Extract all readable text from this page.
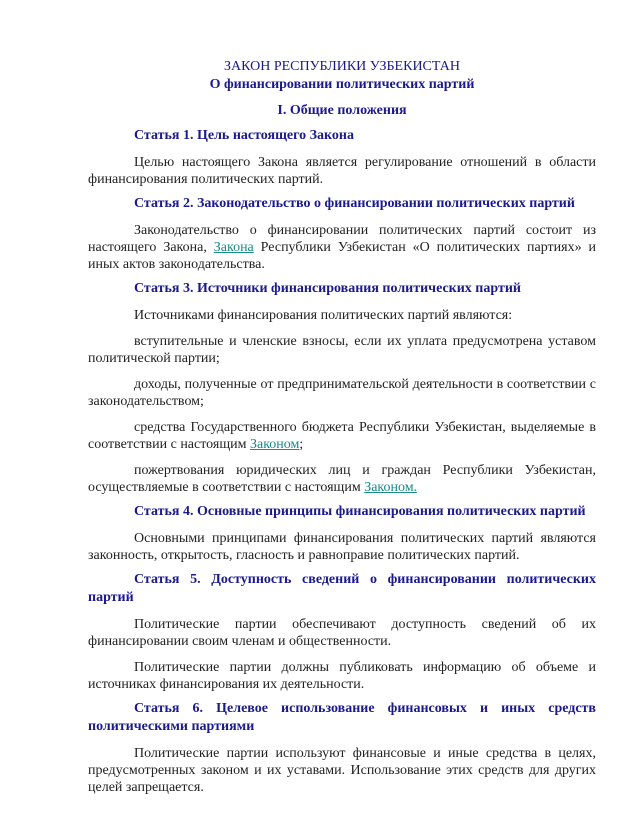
ЗАКОН РЕСПУБЛИКИ УЗБЕКИСТАН
О финансировании политических партий
I. Общие положения
Статья 1. Цель настоящего Закона

Целью настоящего Закона является регулирование отношений в области финансирования политических партий.

Статья 2. Законодательство о финансировании политических партий

Законодательство о финансировании политических партий состоит из настоящего Закона, Закона Республики Узбекистан «О политических партиях» и иных актов законодательства.

Статья 3. Источники финансирования политических партий

Источниками финансирования политических партий являются:

вступительные и членские взносы, если их уплата предусмотрена уставом политической партии;

доходы, полученные от предпринимательской деятельности в соответствии с законодательством;

средства Государственного бюджета Республики Узбекистан, выделяемые в соответствии с настоящим Законом;

пожертвования юридических лиц и граждан Республики Узбекистан, осуществляемые в соответствии с настоящим Законом.

Статья 4. Основные принципы финансирования политических партий

Основными принципами финансирования политических партий являются законность, открытость, гласность и равноправие политических партий.

Статья 5. Доступность сведений о финансировании политических партий

Политические партии обеспечивают доступность сведений об их финансировании своим членам и общественности.

Политические партии должны публиковать информацию об объеме и источниках финансирования их деятельности.

Статья 6. Целевое использование финансовых и иных средств политическими партиями

Политические партии используют финансовые и иные средства в целях, предусмотренных законом и их уставами. Использование этих средств для других целей запрещается.
